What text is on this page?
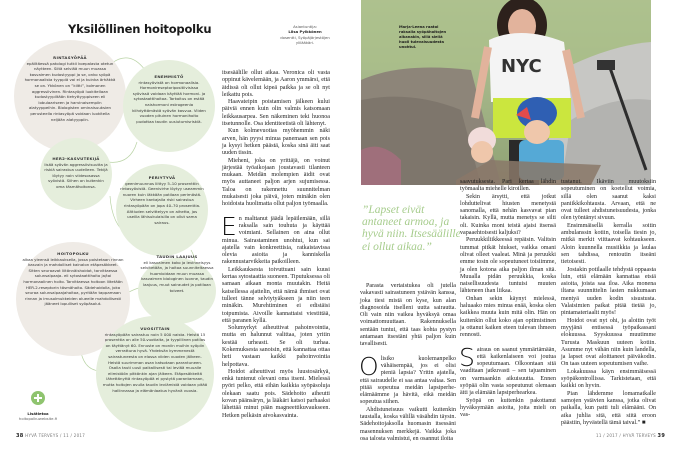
Yksilöllinen hoitopolku
RINTASYÖPÄÄ
epäiltäessä patologi tutkii koepalasta otetun näytteen. Siitä selviää muun muassa kasvaimen kudostyyppi ja se, onko syöpä hormonaalista tyyppiä vai ei ja kuinka ärhäkkä se on. Ykkönen on ”kiltti”, kolmonen aggressiivinen. Rintasyöpä luokitellaan kudostyypiltään tiehyttyyppiseen eli lobulaariseen ja harvinaisempiin alatyyppeihin. Biologisten ominaisuuksien perusteella rintasyöpä voidaan luokitella neljään alatyyppiin.
ENEMMISTÖ
rintasyövistä on hormonaalisia. Hormonireseptoripositiivisissa syövissä voidaan käyttää hormoni- ja sytostaattihoitoa. Tarkoitus on estää naishormoni estrogeenia kiihdyttämästä syövän kasvua. Viiden vuoden pituinen hormonihoito pudottaa taudin uusiutumisriskiä.
HER2-KASVUTEKIJÄ
lisää syövän aggressiivisuutta ja riskiä sairastua uudelleen. Tekijä löytyy noin viidesosassa syövistä. Siihen on kuitenkin oma täsmähoitonsa.
PERIYTYVÄ
geenimuunnos liittyy 5–10 prosenttiin rintasyövistä. Geenivirhe löytyy useammin nuoren kuin iäkkään potilaan perimästä. Virheen kantajalla riski sairastua rintasyöpään on jopa 40–70 prosenttia. Alttiuden selvittelyyn on aihetta, jos useilla lähisukulaisilla on ollut sama sairaus.
HOITOPOLKU
alkaa yleensä leikkauksella, jossa poistetaan rinnan kasvain ja mahdolliset kainalon etäpesäkkeet. Sitten seuraavat liitännäishoidot, tarvittaessa solunsalpaaja- eli sytostaattihoito ja/tai hormonaalinen hoito. Tarvittaessa hoitoon liitetään HER-2-reseptorin täsmähoito. Sädehoidolla, joka seuraa solunsalpaajahoitoa, pyritään tappamaan rinnan ja imusolmukkeiden alueelle mahdollisesti jääneet lopulliset syöpäsolut.
TAUDIN LAAJUUS
eli kasvaimen koko ja levinneisyys selvitetään, ja hoitoa suunniteltaessa huomioidaan muun muassa kasvaimen biologinen luonne, taudin laajuus, muut sairaudet ja potilaan toiveet.
VUOSITTAIN
rintasyöpään sairastuu noin 5 000 naista. Heistä 15 prosenttia on alle 50-vuotiaita, ja tyypillinen potilas on täyttänyt 60. Ennuste on moniin muihin syöpiin verrattuna hyvä. Yhdeksän kymmenestä sairastuneesta on elossa viiden vuoden jälkeen. Heistä suurimman osan katsotaan parantuneen. Osalla tauti uusii paikallisesti tai leviää muualle elimistöön pitkänkin ajan jälkeen. Etäpesäkkeitä lähettänyttä rintasyöpää ei pystytä parantamaan, mutta hoitojen avulla taudin leviämistä voidaan pitää hallinnassa ja elämänlaatua hyvänä vuosia.
Lisätietoa
hoitopolkuwebsite.fi
38 HYVÄ TERVEYS / 11 / 2017
Asiantuntija:
Liisa Pylkkönen
dosentti, Syöpäjärjestöjen ylilääkäri.

itsesäälille ollut aikaa. Veronica oli vasta oppinut kävelemään, ja Aaron ymmärsi, että äidissä oli ollut kipeä paikka ja se oli nyt leikattu pois.

Haavateipin poistamisen jälkeen kului päiviä ennen kuin olin valmis katsomaan leikkausarpea. Sen näkeminen teki huonoa itsetunnolle. Osa identiteetistä oli lähtenyt.

Kun kolmevuotias myöhemmin näki arven, hän pyysi minua panemaan sen pois ja kysyi hetken päästä, koska sinä äiti saat uuden tissin.

Mieheni, joka on yrittäjä, on voinut järjestää työaikojaan joustavasti tilanteen mukaan. Meidän molempien äidit ovat myös auttaneet paljon arjen sujumisessa. Taloa on rakennettu suunnitelman mukaisesti joka päivä, joten minäkin olen hoidoista huolimatta ollut paljon työmaalla.

En malttanut jäädä lepäilemään, sillä raksalla sain touhuta ja käyttää voimiani. Sellainen on aina ollut minua. Sairastaminen unohtui, kun sai ajatella vain konkreettisia, ratkaistavissa olevia asioita ja kanniskella rakennustarvikkeita paikoilleen.

Leikkauksesta toivuttuani sain kuusi kertaa sytostaattia suoneen. Tiputuksessa oli samaan aikaan monta muutakin. Heitä katsellessa ajattelin, että nämä ihmiset ovat tulleet tänne selviytyäkseen ja niin teen minäkin. Murehtiminen ei edistäisi toipumista. Aivoille kannattaisi viestittää, että paranen kyllä.

Solumyrkyt aiheuttivat pahoinvointia, mutta en halunnut valittaa, joten yritin kestää urheasti. Se oli turhaa. Kokemuksesta sanoisin, että kannattaa ottaa heti vastaan kaikki pahoinvointia helpottava.

Hoidot aiheuttivat myös luustosärkyä, enkä tuntenut olevani oma itseni. Mielessä pyöri pelko, että eihän kaikkia syöpäsoluja olekaan saatu pois. Sädehoito aiheutti kovan päänsäryn, ja lääkäri katsoi parhaaksi lähettää minut pään magneettikuvaukseen. Hetken pelkäsin aivokasvainta.

NYC
Marja-Leena raatoi raksalla syöpähoitojen aikanakin, sillä siellä huoli tulevaisuudesta unohtui.
”Lapset eivät antaneet armoa, ja hyvä niin. Itsesäälille ei ollut aikaa.”

Parasta vertaistukea oli jutella vakavasti sairastuneen ystävän kanssa, joka tiesi mistä on kyse, kun alan diagnosoida itselleni uutta sairautta. Oli vain niin vaikea hyväksyä omaa voimattomuuttaan. Rakennuksella sentään tuntui, että taas kohta pystyn antamaan itsestäni yhtä paljon kuin tavallisesti.

Olisiko kuolemanpelko vähäisempää, jos ei olisi pieniä lapsia? Yritin ajatella, että sairaudelle ei saa antaa valtaa. Sen pitää sopeutua meidän lapsiperhe-elämäämme ja hävitä, eikä meidän sopeutua siihen.

Ahdistuneisuus vaikutti kuitenkin taustalla, koska välillä väsähdin täysin. Sädehoitojaksolla huomasin itsessäni masennuksen merkkejä. Vaikka joka osa talosta valmistui, en osannut iloita

saavutuksesta. Pari kertaa lähdin työmaalta miehelle kiroillen.

Sekin ärsytti, että jotkut lohduttelivat hiusten menetystä sanomalla, että nehän kasvavat pian takaisin. Kyllä, mutta menetys se silti oli. Kuinka moni teistä ajaisi itsensä vapaaehtoisesti kaljuksi?

Peruukkiliikkeessä repäisin. Valitsin tummat pitkät hiukset, vaikka omani olivat olleet vaaleat. Minä ja peruukki emme tosin ole sopeutuneet toisiimme, ja olen kotona aika paljon ilman sitä. Muualla pidän peruukkia, koska naisellisuudesta tuntuisi muuten lähteneen ihan liikaa.

Onhan sekin käynyt mielessä, haluaako mies minua enää, koska olen kaikkea muuta kuin mitä olin. Hän on kuitenkin ollut koko ajan optimistinen ja ottanut kaiken eteen tulevan ihmeen rennosti.

Sairaus on saanut ymmärtämään, että kaikenlaiseen voi joutua sopeutumaan. Olkoontaan sitä vaaditaan jatkuvasti – sen tajuaminen on varmaankin aikuisuutta. Ennen syöpää olin vasta sopeutunut olemaan äiti ja elämään lapsiperhearkea.

Syöpä on kuitenkin pakottanut hyväksymään asioita, joita mieli on vas-

tustanut. Ikäviin muutoksiin sopeutuminen on koetellut voimia, sillä olen saanut kaksi paniikkikohtausta. Arvaan, että ne ovat tulleet ahdistuneisuudesta, jonka olen työntänyt sivuun.

Ensimmäisellä kerralla soitin ambulanssin kotiin, toisella tiesin jo, mitkä merkit viittaavat kohtaukseen. Aloin kuunnella musiikkia ja laulaa sen tahdissa, rentoutin itseäni tietoisesti.

Jostakin potilaalle tehdystä oppaasta luin, että elämään kannattaa etsiä asioita, joista saa iloa. Aika monena iltana suunnittelin lasten nukkumaan mentyä uuden kodin sisustusta. Valaisimien paikat pitää tietää jo, pintamateriaalit myös!

Hoidot ovat nyt ohi, ja aloitin työt myyjänä entisessä työpaikassani elokuussa. Syyskuussa muutimme Turusta Maskuun uuteen kotiin. Asumme nyt vähän niin kuin landella, ja lapset ovat aloittaneet päiväkodin. On taas uuteen sopeutumisen vaihe.

Lokakuussa käyn ensimmäisessä syöpäkontrollissa. Tarkistetaan, että kaikki on hyvin.

Pian lähdemme lomamatkalle samojen ystävien kanssa, jotka olivat paikalla, kun patti tuli elämääni. On aika juhlia sitä, että siitä eroon päästiin, hyvästellä tämä taival.” ■

11 / 2017 / HYVÄ TERVEYS 39
